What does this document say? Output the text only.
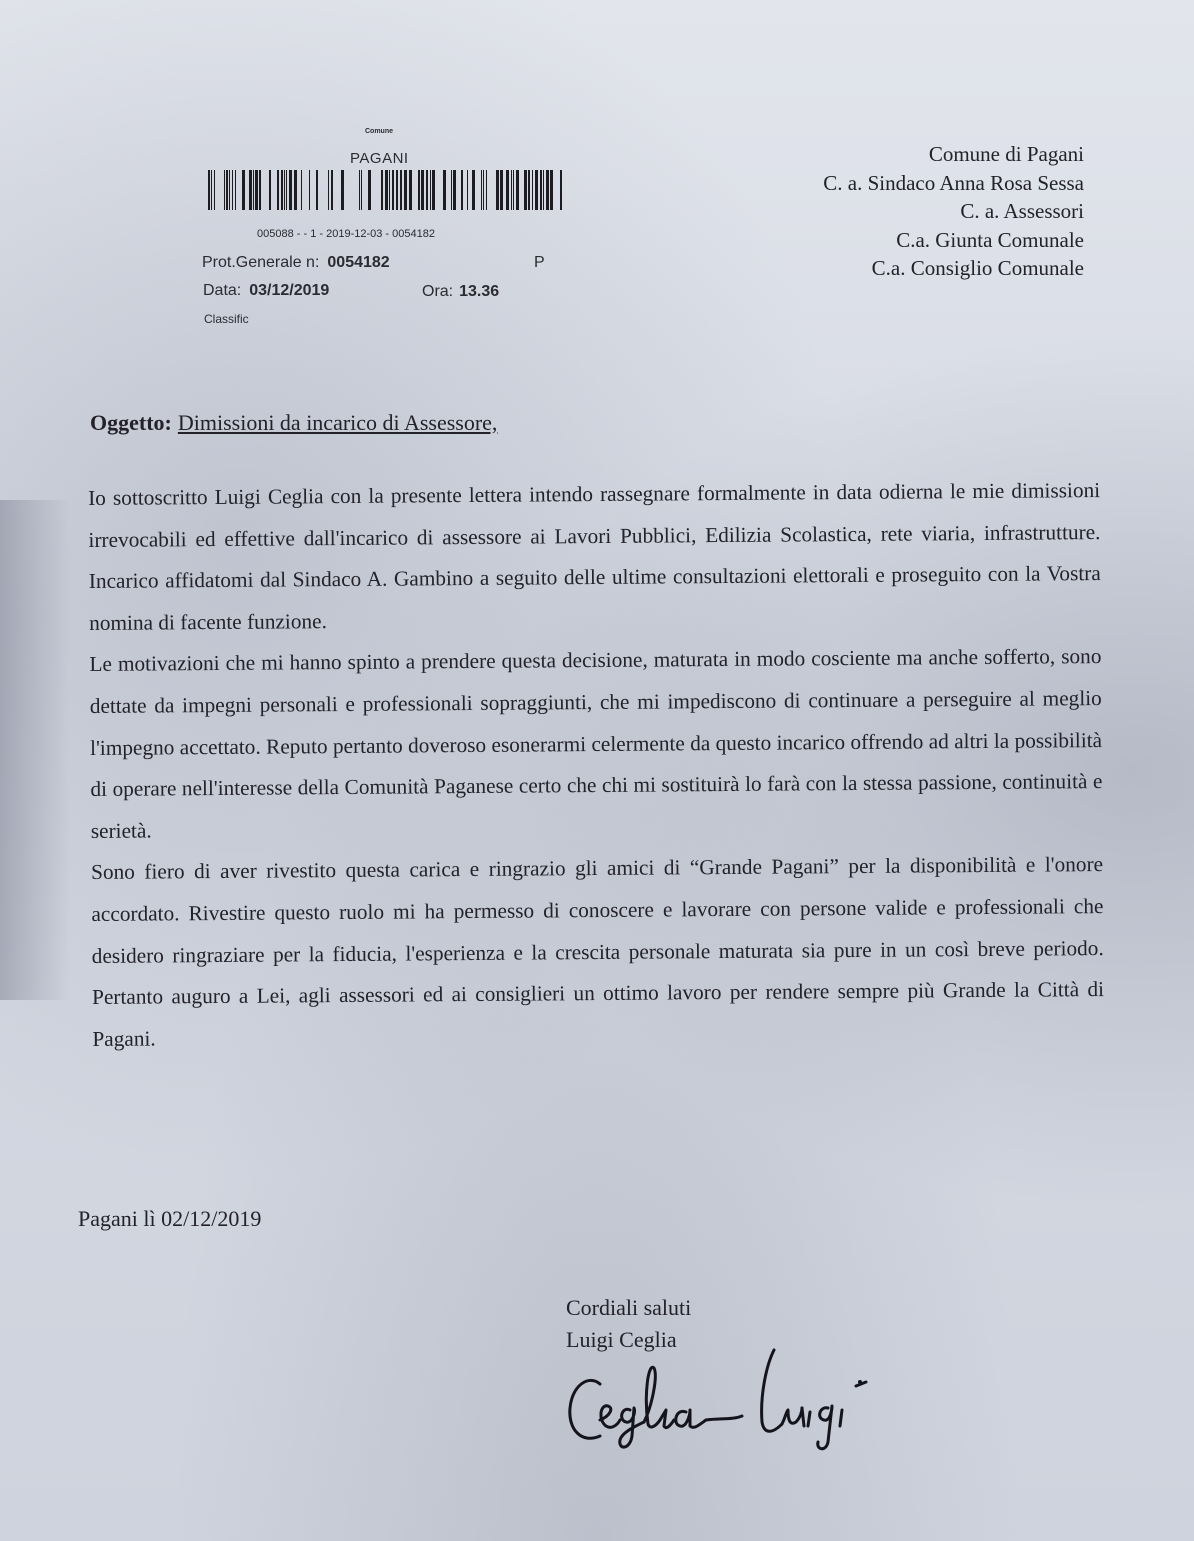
Comune
PAGANI
005088 - - 1 - 2019-12-03 - 0054182
Prot.Generale n: 0054182	P
Data: 03/12/2019	Ora: 13.36
Classific
Comune di Pagani
C. a. Sindaco Anna Rosa Sessa
C. a. Assessori
C.a. Giunta Comunale
C.a. Consiglio Comunale
Oggetto: Dimissioni da incarico di Assessore,

Io sottoscritto Luigi Ceglia con la presente lettera intendo rassegnare formalmente in data odierna le mie dimissioni irrevocabili ed effettive dall'incarico di assessore ai Lavori Pubblici, Edilizia Scolastica, rete viaria, infrastrutture. Incarico affidatomi dal Sindaco A. Gambino a seguito delle ultime consultazioni elettorali e proseguito con la Vostra nomina di facente funzione.

Le motivazioni che mi hanno spinto a prendere questa decisione, maturata in modo cosciente ma anche sofferto, sono dettate da impegni personali e professionali sopraggiunti, che mi impediscono di continuare a perseguire al meglio l'impegno accettato. Reputo pertanto doveroso esonerarmi celermente da questo incarico offrendo ad altri la possibilità di operare nell'interesse della Comunità Paganese certo che chi mi sostituirà lo farà con la stessa passione, continuità e serietà.

Sono fiero di aver rivestito questa carica e ringrazio gli amici di “Grande Pagani” per la disponibilità e l'onore accordato. Rivestire questo ruolo mi ha permesso di conoscere e lavorare con persone valide e professionali che desidero ringraziare per la fiducia, l'esperienza e la crescita personale maturata sia pure in un così breve periodo. Pertanto auguro a Lei, agli assessori ed ai consiglieri un ottimo lavoro per rendere sempre più Grande la Città di Pagani.

Pagani lì 02/12/2019
Cordiali saluti
Luigi Ceglia
